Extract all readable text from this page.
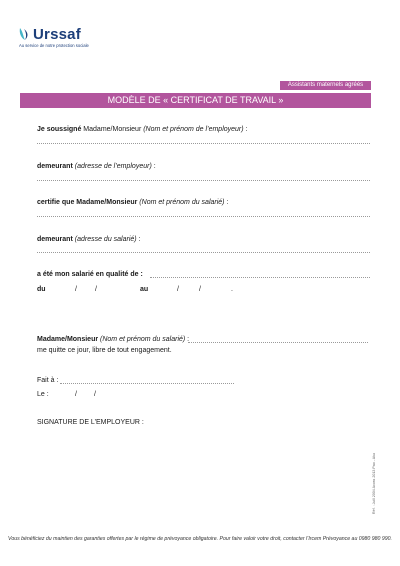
Urssaf
Au service de notre protection sociale
Assistants maternels agréés
MODÈLE DE « CERTIFICAT DE TRAVAIL »
Je soussigné Madame/Monsieur (Nom et prénom de l’employeur) :
demeurant (adresse de l’employeur) :
certifie que Madame/Monsieur (Nom et prénom du salarié) :
demeurant (adresse du salarié) :
a été mon salarié en qualité de :
du	/	/	au	/	/	.
Madame/Monsieur (Nom et prénom du salarié) :
me quitte ce jour, libre de tout engagement.
Fait à :
Le :	/ /
SIGNATURE DE L’EMPLOYEUR :
Réf. : Juill 2004 Acoss 2013 Pao - Aku
Vous bénéficiez du maintien des garanties offertes par le régime de prévoyance obligatoire. Pour faire valoir votre droit, contacter l’Ircem Prévoyance au 0980 980 990.
